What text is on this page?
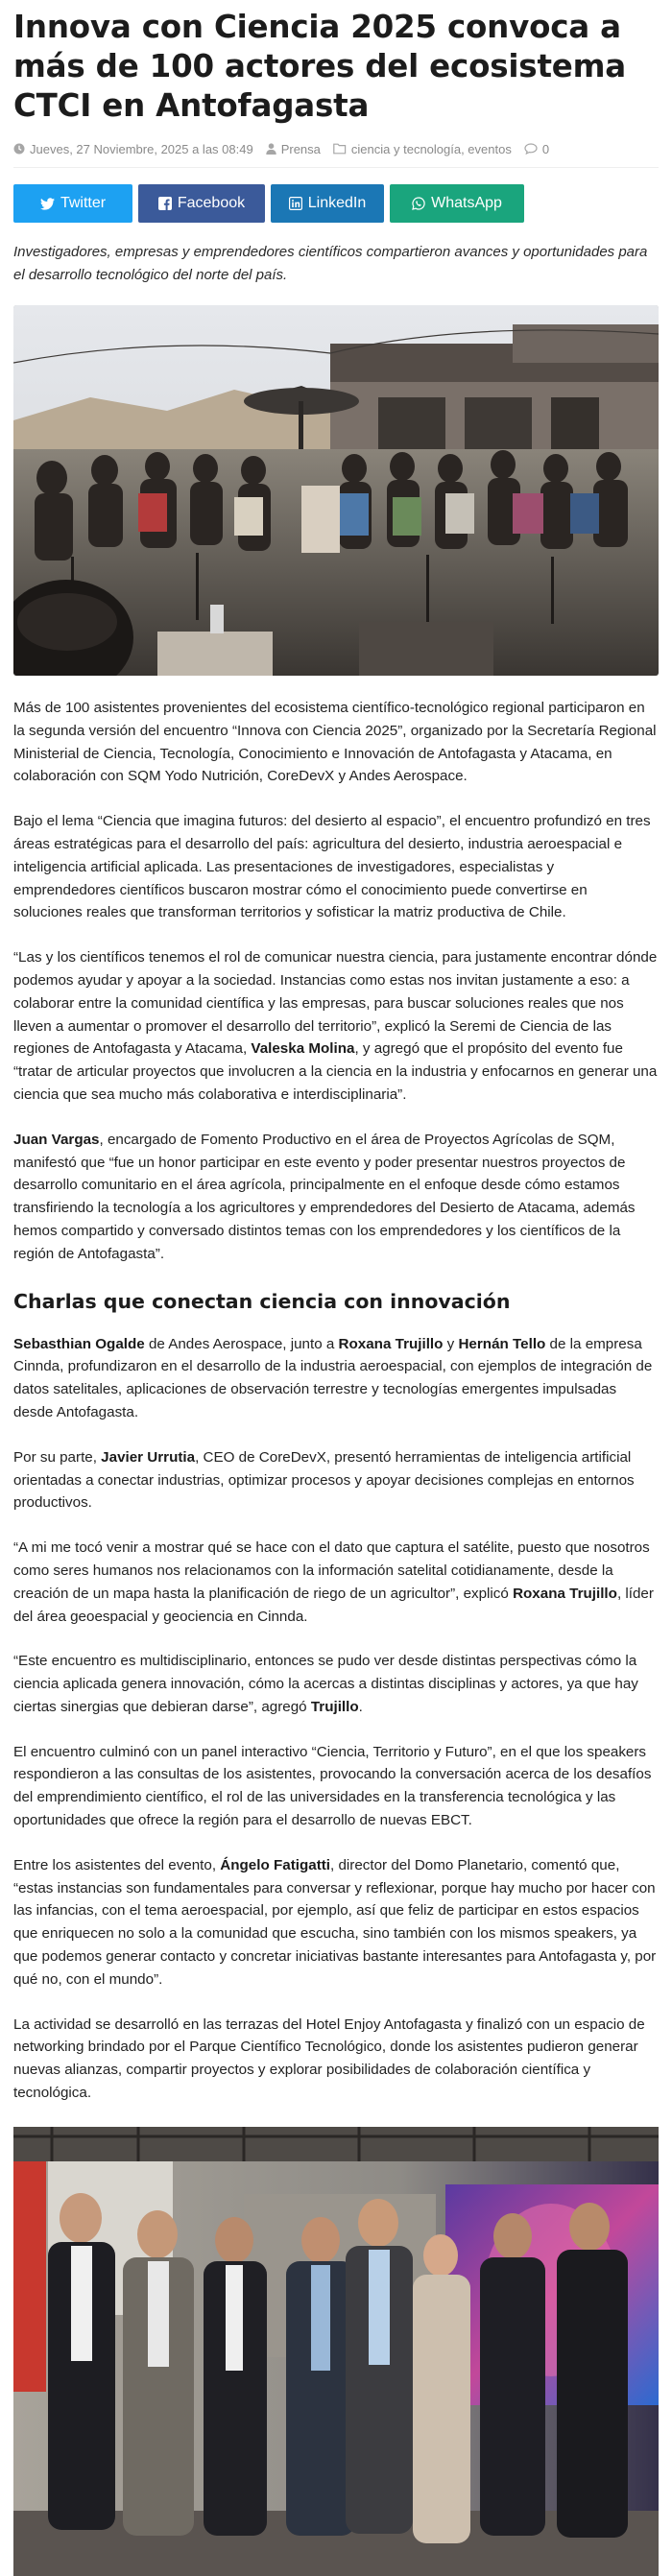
Innova con Ciencia 2025 convoca a más de 100 actores del ecosistema CTCI en Antofagasta
Jueves, 27 Noviembre, 2025 a las 08:49 Prensa ciencia y tecnología, eventos 0
Twitter	Facebook	LinkedIn	WhatsApp

Investigadores, empresas y emprendedores científicos compartieron avances y oportunidades para el desarrollo tecnológico del norte del país.

Más de 100 asistentes provenientes del ecosistema científico-tecnológico regional participaron en la segunda versión del encuentro “Innova con Ciencia 2025”, organizado por la Secretaría Regional Ministerial de Ciencia, Tecnología, Conocimiento e Innovación de Antofagasta y Atacama, en colaboración con SQM Yodo Nutrición, CoreDevX y Andes Aerospace.

Bajo el lema “Ciencia que imagina futuros: del desierto al espacio”, el encuentro profundizó en tres áreas estratégicas para el desarrollo del país: agricultura del desierto, industria aeroespacial e inteligencia artificial aplicada. Las presentaciones de investigadores, especialistas y emprendedores científicos buscaron mostrar cómo el conocimiento puede convertirse en soluciones reales que transforman territorios y sofisticar la matriz productiva de Chile.

“Las y los científicos tenemos el rol de comunicar nuestra ciencia, para justamente encontrar dónde podemos ayudar y apoyar a la sociedad. Instancias como estas nos invitan justamente a eso: a colaborar entre la comunidad científica y las empresas, para buscar soluciones reales que nos lleven a aumentar o promover el desarrollo del territorio”, explicó la Seremi de Ciencia de las regiones de Antofagasta y Atacama, Valeska Molina, y agregó que el propósito del evento fue “tratar de articular proyectos que involucren a la ciencia en la industria y enfocarnos en generar una ciencia que sea mucho más colaborativa e interdisciplinaria”.

Juan Vargas, encargado de Fomento Productivo en el área de Proyectos Agrícolas de SQM, manifestó que “fue un honor participar en este evento y poder presentar nuestros proyectos de desarrollo comunitario en el área agrícola, principalmente en el enfoque desde cómo estamos transfiriendo la tecnología a los agricultores y emprendedores del Desierto de Atacama, además hemos compartido y conversado distintos temas con los emprendedores y los científicos de la región de Antofagasta”.

Charlas que conectan ciencia con innovación

Sebasthian Ogalde de Andes Aerospace, junto a Roxana Trujillo y Hernán Tello de la empresa Cinnda, profundizaron en el desarrollo de la industria aeroespacial, con ejemplos de integración de datos satelitales, aplicaciones de observación terrestre y tecnologías emergentes impulsadas desde Antofagasta.

Por su parte, Javier Urrutia, CEO de CoreDevX, presentó herramientas de inteligencia artificial orientadas a conectar industrias, optimizar procesos y apoyar decisiones complejas en entornos productivos.

“A mi me tocó venir a mostrar qué se hace con el dato que captura el satélite, puesto que nosotros como seres humanos nos relacionamos con la información satelital cotidianamente, desde la creación de un mapa hasta la planificación de riego de un agricultor”, explicó Roxana Trujillo, líder del área geoespacial y geociencia en Cinnda.

“Este encuentro es multidisciplinario, entonces se pudo ver desde distintas perspectivas cómo la ciencia aplicada genera innovación, cómo la acercas a distintas disciplinas y actores, ya que hay ciertas sinergias que debieran darse”, agregó Trujillo.

El encuentro culminó con un panel interactivo “Ciencia, Territorio y Futuro”, en el que los speakers respondieron a las consultas de los asistentes, provocando la conversación acerca de los desafíos del emprendimiento científico, el rol de las universidades en la transferencia tecnológica y las oportunidades que ofrece la región para el desarrollo de nuevas EBCT.

Entre los asistentes del evento, Ángelo Fatigatti, director del Domo Planetario, comentó que, “estas instancias son fundamentales para conversar y reflexionar, porque hay mucho por hacer con las infancias, con el tema aeroespacial, por ejemplo, así que feliz de participar en estos espacios que enriquecen no solo a la comunidad que escucha, sino también con los mismos speakers, ya que podemos generar contacto y concretar iniciativas bastante interesantes para Antofagasta y, por qué no, con el mundo”.

La actividad se desarrolló en las terrazas del Hotel Enjoy Antofagasta y finalizó con un espacio de networking brindado por el Parque Científico Tecnológico, donde los asistentes pudieron generar nuevas alianzas, compartir proyectos y explorar posibilidades de colaboración científica y tecnológica.
